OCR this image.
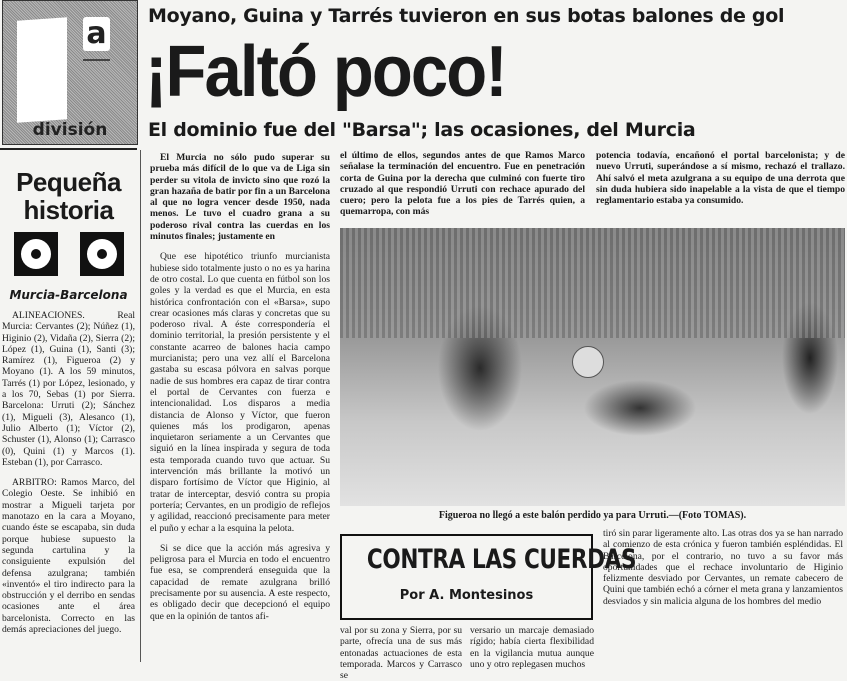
a
división
Pequeña historia
Murcia-Barcelona

ALINEACIONES. Real Murcia: Cervantes (2); Núñez (1), Higinio (2), Vidaña (2), Sierra (2); López (1), Guina (1), Santi (3); Ramírez (1), Figueroa (2) y Moyano (1). A los 59 minutos, Tarrés (1) por López, lesionado, y a los 70, Sebas (1) por Sierra. Barcelona: Urruti (2); Sánchez (1), Migueli (3), Alesanco (1), Julio Alberto (1); Víctor (2), Schuster (1), Alonso (1); Carrasco (0), Quini (1) y Marcos (1). Esteban (1), por Carrasco.

ARBITRO: Ramos Marco, del Colegio Oeste. Se inhibió en mostrar a Migueli tarjeta por manotazo en la cara a Moyano, cuando éste se escapaba, sin duda porque hubiese supuesto la segunda cartulina y la consiguiente expulsión del defensa azulgrana; también «inventó» el tiro indirecto para la obstrucción y el derribo en sendas ocasiones ante el área barcelonista. Correcto en las demás apreciaciones del juego.

Moyano, Guina y Tarrés tuvieron en sus botas balones de gol
¡Faltó poco!
El dominio fue del "Barsa"; las ocasiones, del Murcia

El Murcia no sólo pudo superar su prueba más difícil de lo que va de Liga sin perder su vitola de invicto sino que rozó la gran hazaña de batir por fin a un Barcelona al que no logra vencer desde 1950, nada menos. Le tuvo el cuadro grana a su poderoso rival contra las cuerdas en los minutos finales; justamente en

Que ese hipotético triunfo murcianista hubiese sido totalmente justo o no es ya harina de otro costal. Lo que cuenta en fútbol son los goles y la verdad es que el Murcia, en esta histórica confrontación con el «Barsa», supo crear ocasiones más claras y concretas que su poderoso rival. A éste correspondería el dominio territorial, la presión persistente y el constante acarreo de balones hacia campo murcianista; pero una vez allí el Barcelona gastaba su escasa pólvora en salvas porque nadie de sus hombres era capaz de tirar contra el portal de Cervantes con fuerza e intencionalidad. Los disparos a media distancia de Alonso y Víctor, que fueron quienes más los prodigaron, apenas inquietaron seriamente a un Cervantes que siguió en la línea inspirada y segura de toda esta temporada cuando tuvo que actuar. Su intervención más brillante la motivó un disparo fortísimo de Víctor que Higinio, al tratar de interceptar, desvió contra su propia portería; Cervantes, en un prodigio de reflejos y agilidad, reaccionó precisamente para meter el puño y echar a la esquina la pelota.

Si se dice que la acción más agresiva y peligrosa para el Murcia en todo el encuentro fue esa, se comprenderá enseguida que la capacidad de remate azulgrana brilló precisamente por su ausencia. A este respecto, es obligado decir que decepcionó el equipo que en la opinión de tantos afi-

el último de ellos, segundos antes de que Ramos Marco señalase la terminación del encuentro. Fue en penetración corta de Guina por la derecha que culminó con fuerte tiro cruzado al que respondió Urruti con rechace apurado del cuero; pero la pelota fue a los pies de Tarrés quien, a quemarropa, con más

potencia todavía, encañonó el portal barcelonista; y de nuevo Urruti, superándose a sí mismo, rechazó el trallazo. Ahí salvó el meta azulgrana a su equipo de una derrota que sin duda hubiera sido inapelable a la vista de que el tiempo reglamentario estaba ya consumido.

Figueroa no llegó a este balón perdido ya para Urruti.—(Foto TOMAS).
CONTRA LAS CUERDAS
Por A. Montesinos

val por su zona y Sierra, por su parte, ofrecía una de sus más entonadas actuaciones de esta temporada. Marcos y Carrasco se

versario un marcaje demasiado rígido; había cierta flexibilidad en la vigilancia mutua aunque uno y otro replegasen muchos

tiró sin parar ligeramente alto. Las otras dos ya se han narrado al comienzo de esta crónica y fueron también espléndidas. El Barcelona, por el contrario, no tuvo a su favor más oportunidades que el rechace involuntario de Higinio felizmente desviado por Cervantes, un remate cabecero de Quini que también echó a córner el meta grana y lanzamientos desviados y sin malicia alguna de los hombres del medio
